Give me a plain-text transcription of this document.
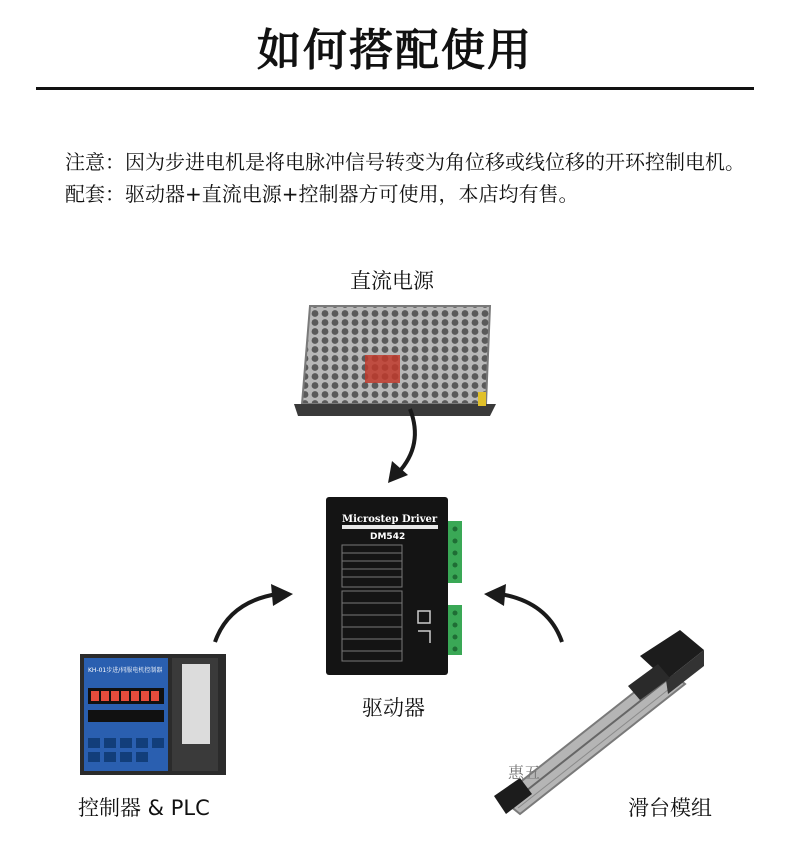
如何搭配使用
注意：因为步进电机是将电脉冲信号转变为角位移或线位移的开环控制电机。配套：驱动器+直流电源+控制器方可使用，本店均有售。
直流电源
Microstep Driver
DM542
驱动器
KH-01步进/伺服电机控制器
控制器 & PLC
惠五
滑台模组
